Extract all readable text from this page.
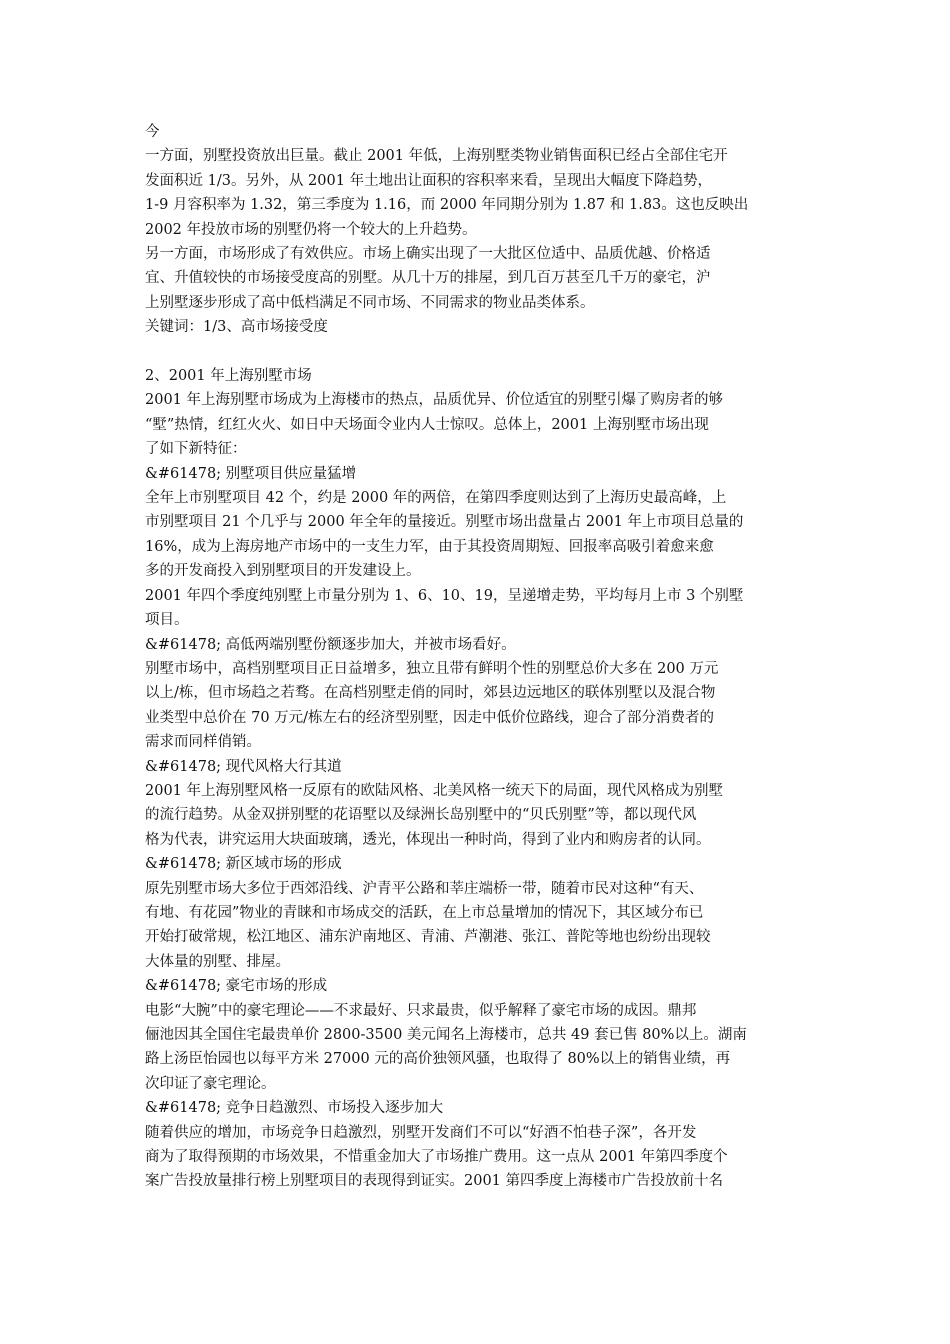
今
一方面，别墅投资放出巨量。截止 2001 年低，上海别墅类物业销售面积已经占全部住宅开
发面积近 1/3。另外，从 2001 年土地出让面积的容积率来看，呈现出大幅度下降趋势，
1-9 月容积率为 1.32，第三季度为 1.16，而 2000 年同期分别为 1.87 和 1.83。这也反映出
2002 年投放市场的别墅仍将一个较大的上升趋势。
另一方面，市场形成了有效供应。市场上确实出现了一大批区位适中、品质优越、价格适
宜、升值较快的市场接受度高的别墅。从几十万的排屋，到几百万甚至几千万的豪宅，沪
上别墅逐步形成了高中低档满足不同市场、不同需求的物业品类体系。
关键词：1/3、高市场接受度
2、2001 年上海别墅市场
2001 年上海别墅市场成为上海楼市的热点，品质优异、价位适宜的别墅引爆了购房者的够
“墅”热情，红红火火、如日中天场面令业内人士惊叹。总体上，2001 上海别墅市场出现
了如下新特征：
&#61478; 别墅项目供应量猛增
全年上市别墅项目 42 个，约是 2000 年的两倍，在第四季度则达到了上海历史最高峰，上
市别墅项目 21 个几乎与 2000 年全年的量接近。别墅市场出盘量占 2001 年上市项目总量的
16%，成为上海房地产市场中的一支生力军，由于其投资周期短、回报率高吸引着愈来愈
多的开发商投入到别墅项目的开发建设上。
2001 年四个季度纯别墅上市量分别为 1、6、10、19，呈递增走势，平均每月上市 3 个别墅
项目。
&#61478; 高低两端别墅份额逐步加大，并被市场看好。
别墅市场中，高档别墅项目正日益增多，独立且带有鲜明个性的别墅总价大多在 200 万元
以上/栋，但市场趋之若骛。在高档别墅走俏的同时，郊县边远地区的联体别墅以及混合物
业类型中总价在 70 万元/栋左右的经济型别墅，因走中低价位路线，迎合了部分消费者的
需求而同样俏销。
&#61478; 现代风格大行其道
2001 年上海别墅风格一反原有的欧陆风格、北美风格一统天下的局面，现代风格成为别墅
的流行趋势。从金双拼别墅的花语墅以及绿洲长岛别墅中的“贝氏别墅”等，都以现代风
格为代表，讲究运用大块面玻璃，透光，体现出一种时尚，得到了业内和购房者的认同。
&#61478; 新区域市场的形成
原先别墅市场大多位于西郊沿线、沪青平公路和莘庄端桥一带，随着市民对这种“有天、
有地、有花园”物业的青睐和市场成交的活跃，在上市总量增加的情况下，其区域分布已
开始打破常规，松江地区、浦东沪南地区、青浦、芦潮港、张江、普陀等地也纷纷出现较
大体量的别墅、排屋。
&#61478; 豪宅市场的形成
电影“大腕”中的豪宅理论——不求最好、只求最贵，似乎解释了豪宅市场的成因。鼎邦
俪池因其全国住宅最贵单价 2800-3500 美元闻名上海楼市，总共 49 套已售 80%以上。湖南
路上汤臣怡园也以每平方米 27000 元的高价独领风骚，也取得了 80%以上的销售业绩，再
次印证了豪宅理论。
&#61478; 竞争日趋激烈、市场投入逐步加大
随着供应的增加，市场竞争日趋激烈，别墅开发商们不可以“好酒不怕巷子深”，各开发
商为了取得预期的市场效果，不惜重金加大了市场推广费用。这一点从 2001 年第四季度个
案广告投放量排行榜上别墅项目的表现得到证实。2001 第四季度上海楼市广告投放前十名
